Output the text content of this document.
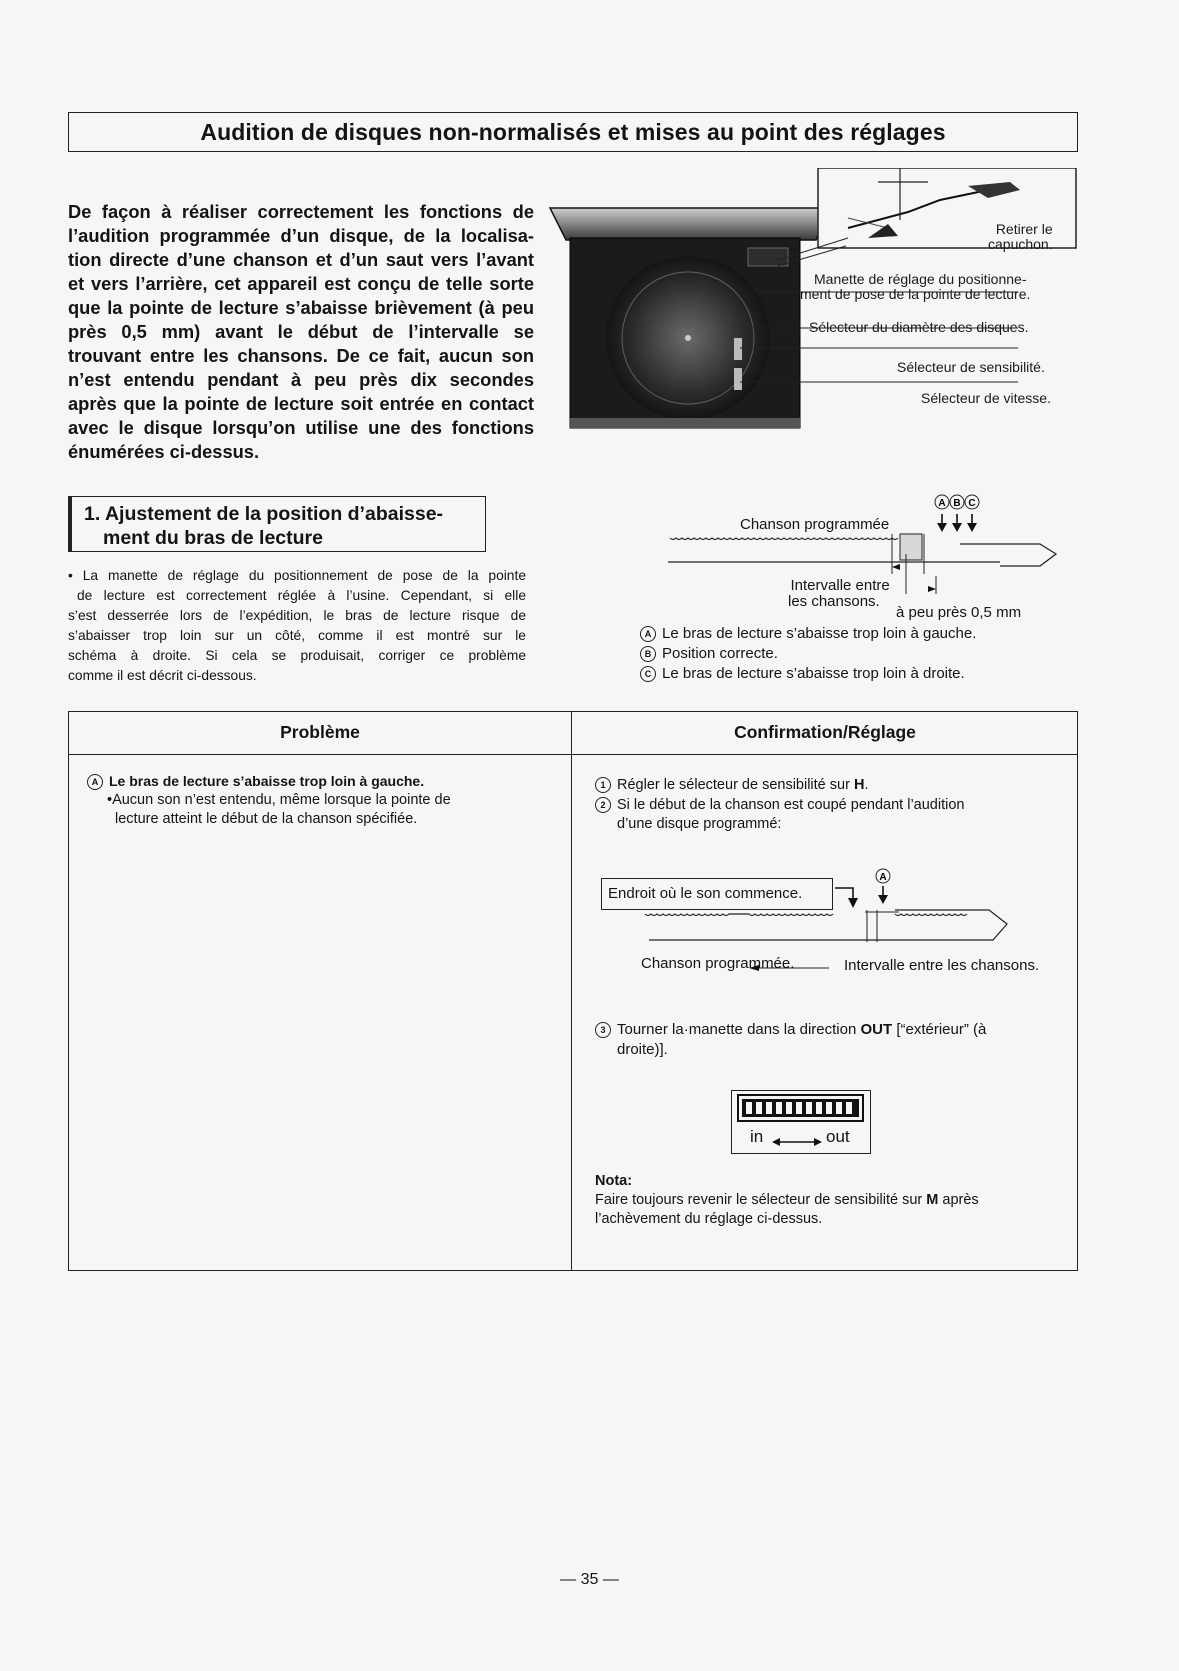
Audition de disques non-normalisés et mises au point des réglages
De façon à réaliser correctement les fonctions de
l’audition programmée d’un disque, de la localisa-
tion directe d’une chanson et d’un saut vers l’avant
et vers l’arrière, cet appareil est conçu de telle sorte
que la pointe de lecture s’abaisse brièvement (à peu
près 0,5 mm) avant le début de l’intervalle se
trouvant entre les chansons. De ce fait, aucun son
n’est entendu pendant à peu près dix secondes
après que la pointe de lecture soit entrée en contact
avec le disque lorsqu’on utilise une des fonctions
énumérées ci-dessus.
Retirer le
capuchon.
Manette de réglage du positionne-
ment de pose de la pointe de lecture.
Sélecteur du diamètre des disques.
Sélecteur de sensibilité.
Sélecteur de vitesse.
1. Ajustement de la position d’abaisse-
ment du bras de lecture
• La manette de réglage du positionnement de pose de la pointe
de lecture est correctement réglée à l’usine. Cependant, si elle
s’est desserrée lors de l’expédition, le bras de lecture risque de
s’abaisser trop loin sur un côté, comme il est montré sur le
schéma à droite. Si cela se produisait, corriger ce problème
comme il est décrit ci-dessous.
A B C
Chanson programmée
Intervalle entre
les chansons.
à peu près 0,5 mm
A Le bras de lecture s’abaisse trop loin à gauche.
B Position correcte.
C Le bras de lecture s’abaisse trop loin à droite.
Problème	Confirmation/Réglage
A Le bras de lecture s’abaisse trop loin à gauche.
•Aucun son n’est entendu, même lorsque la pointe de
lecture atteint le début de la chanson spécifiée.
1 Régler le sélecteur de sensibilité sur H.
2 Si le début de la chanson est coupé pendant l’audition
d’une disque programmé:
Endroit où le son commence.
A
Chanson programmée.	Intervalle entre les chansons.
3 Tourner la·manette dans la direction OUT [“extérieur” (à
droite)].
in	out
Nota:
Faire toujours revenir le sélecteur de sensibilité sur M après
l’achèvement du réglage ci-dessus.
— 35 —
